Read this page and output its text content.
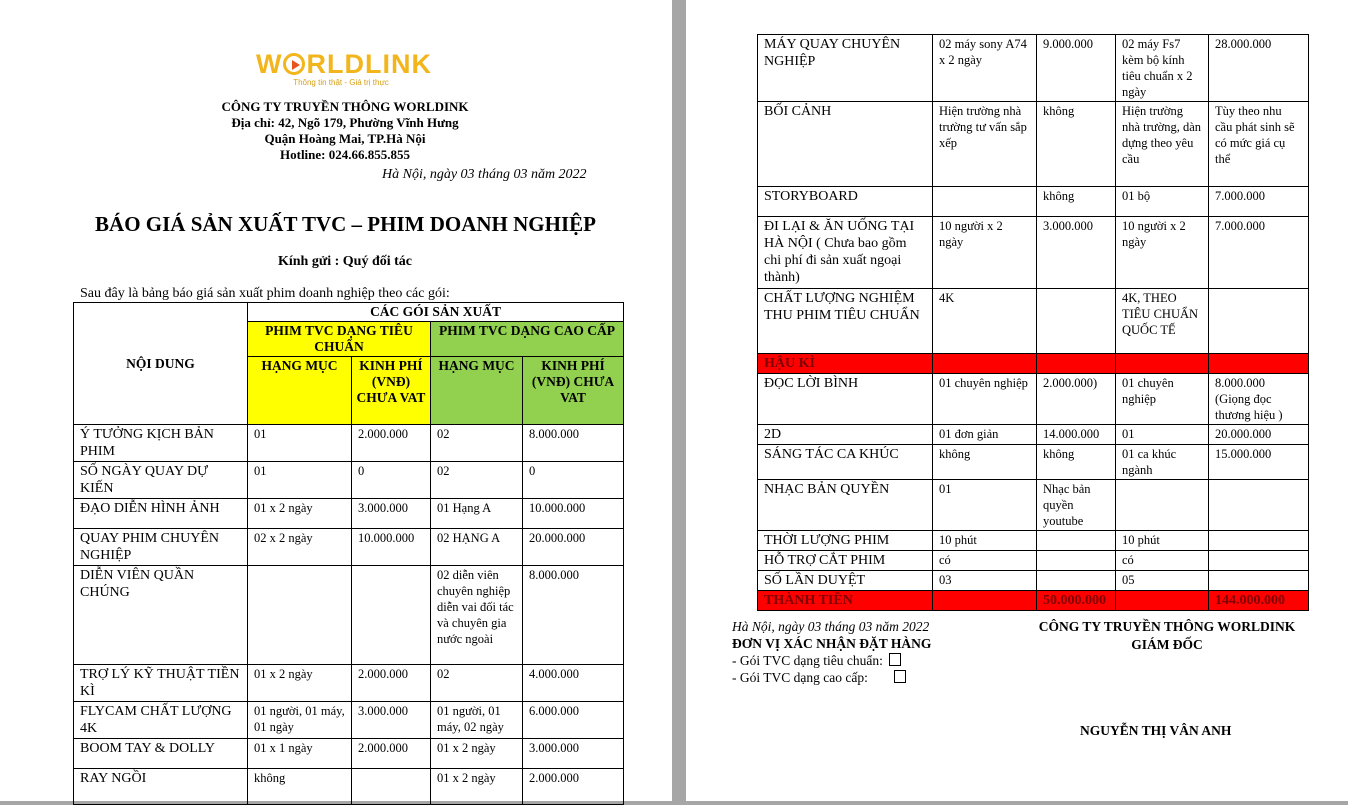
W RLDLINK
Thông tin thật - Giá trị thực
CÔNG TY TRUYỀN THÔNG WORLDINK
Địa chỉ: 42, Ngõ 179, Phường Vĩnh Hưng
Quận Hoàng Mai, TP.Hà Nội
Hotline: 024.66.855.855
Hà Nội, ngày 03 tháng 03 năm 2022
BÁO GIÁ SẢN XUẤT TVC – PHIM DOANH NGHIỆP
Kính gửi : Quý đối tác
Sau đây là bảng báo giá sản xuất phim doanh nghiệp theo các gói:
NỘI DUNG	CÁC GÓI SẢN XUẤT			
	PHIM TVC DẠNG TIÊU CHUẨN		PHIM TVC DẠNG CAO CẤP	
	HẠNG MỤC	KINH PHÍ (VNĐ) CHƯA VAT	HẠNG MỤC	KINH PHÍ (VNĐ) CHƯA VAT
Ý TƯỞNG KỊCH BẢN PHIM	01	2.000.000	02	8.000.000
SỐ NGÀY QUAY DỰ KIẾN	01	0	02	0
ĐẠO DIỄN HÌNH ẢNH	01 x 2 ngày	3.000.000	01 Hạng A	10.000.000
QUAY PHIM CHUYÊN NGHIỆP	02 x 2 ngày	10.000.000	02 HẠNG A	20.000.000
DIỄN VIÊN QUẦN CHÚNG			02 diễn viên chuyên nghiệp diễn vai đối tác và chuyên gia nước ngoài	8.000.000
TRỢ LÝ KỸ THUẬT TIỀN KÌ	01 x 2 ngày	2.000.000	02	4.000.000
FLYCAM CHẤT LƯỢNG 4K	01 người, 01 máy, 01 ngày	3.000.000	01 người, 01 máy, 02 ngày	6.000.000
BOOM TAY & DOLLY	01 x 1 ngày	2.000.000	01 x 2 ngày	3.000.000
RAY NGỒI	không		01 x 2 ngày	2.000.000
Hà Nội, ngày 03 tháng 03 năm 2022
ĐƠN VỊ XÁC NHẬN ĐẶT HÀNG
- Gói TVC dạng tiêu chuẩn:
- Gói TVC dạng cao cấp:
CÔNG TY TRUYỀN THÔNG WORLDINK
GIÁM ĐỐC
NGUYỄN THỊ VÂN ANH
MÁY QUAY CHUYÊN NGHIỆP	02 máy sony A74 x 2 ngày	9.000.000	02 máy Fs7 kèm bộ kính tiêu chuẩn x 2 ngày	28.000.000
BỐI CẢNH	Hiện trường nhà trường tư vấn sắp xếp	không	Hiện trường nhà trường, dàn dựng theo yêu cầu	Tùy theo nhu cầu phát sinh sẽ có mức giá cụ thể
STORYBOARD		không	01 bộ	7.000.000
ĐI LẠI & ĂN UỐNG TẠI HÀ NỘI ( Chưa bao gồm chi phí đi sản xuất ngoại thành)	10 người x 2 ngày	3.000.000	10 người x 2 ngày	7.000.000
CHẤT LƯỢNG NGHIỆM THU PHIM TIÊU CHUẨN	4K		4K, THEO TIÊU CHUẨN QUỐC TẾ	
HẬU KÌ				
ĐỌC LỜI BÌNH	01 chuyên nghiệp	2.000.000)	01 chuyên nghiệp	8.000.000 (Giọng đọc thương hiệu )
2D	01 đơn giản	14.000.000	01	20.000.000
SÁNG TÁC CA KHÚC	không	không	01 ca khúc ngành	15.000.000
NHẠC BẢN QUYỀN	01	Nhạc bản quyền youtube		
THỜI LƯỢNG PHIM	10 phút		10 phút	
HỖ TRỢ CẮT PHIM	có		có	
SỐ LẦN DUYỆT	03		05	
THÀNH TIỀN		50.000.000		144.000.000
